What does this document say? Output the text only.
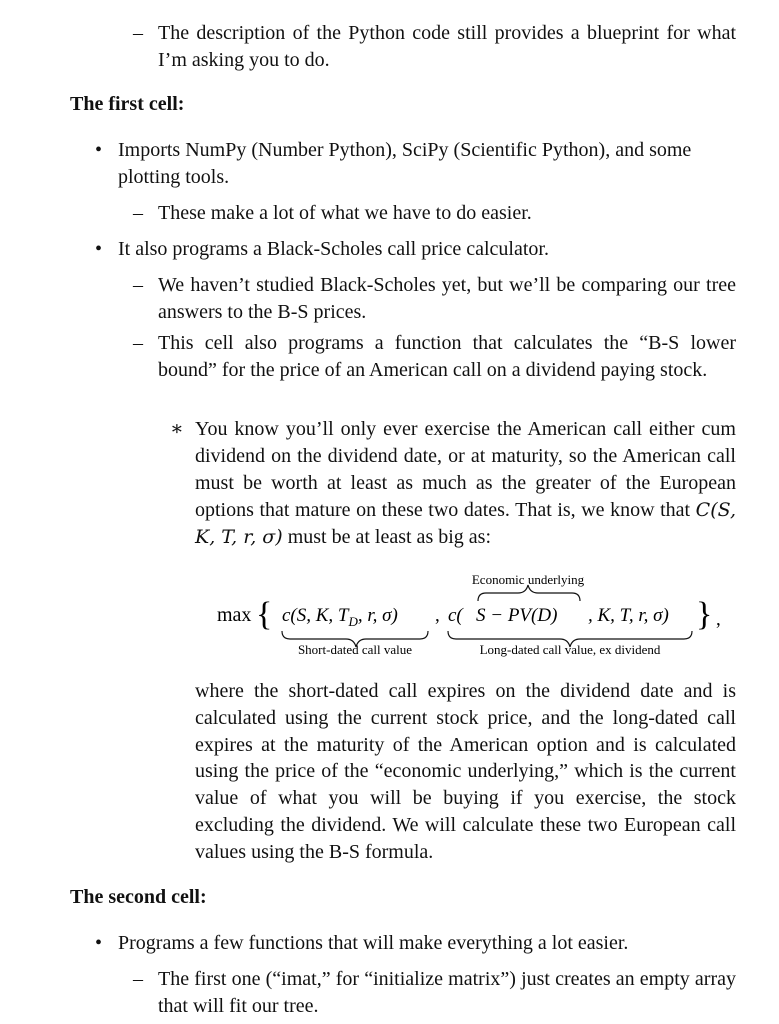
– The description of the Python code still provides a blueprint for what I’m asking you to do.
The first cell:
• Imports NumPy (Number Python), SciPy (Scientific Python), and some plotting tools.
– These make a lot of what we have to do easier.
• It also programs a Black-Scholes call price calculator.
– We haven’t studied Black-Scholes yet, but we’ll be comparing our tree answers to the B-S prices.
– This cell also programs a function that calculates the “B-S lower bound” for the price of an American call on a dividend paying stock.
∗ You know you’ll only ever exercise the American call either cum dividend on the dividend date, or at maturity, so the American call must be worth at least as much as the greater of the European options that mature on these two dates. That is, we know that C(S, K, T, r, σ) must be at least as big as:
Economic underlying
max { c(S, K, $T_D$, r, σ) , c( S − PV(D) , K, T, r, σ) } ,
Short-dated call value	Long-dated call value, ex dividend
where the short-dated call expires on the dividend date and is calculated using the current stock price, and the long-dated call expires at the maturity of the American option and is calculated using the price of the “economic underlying,” which is the current value of what you will be buying if you exercise, the stock excluding the dividend. We will calculate these two European call values using the B-S formula.
The second cell:
• Programs a few functions that will make everything a lot easier.
– The first one (“imat,” for “initialize matrix”) just creates an empty array that will fit our tree.
